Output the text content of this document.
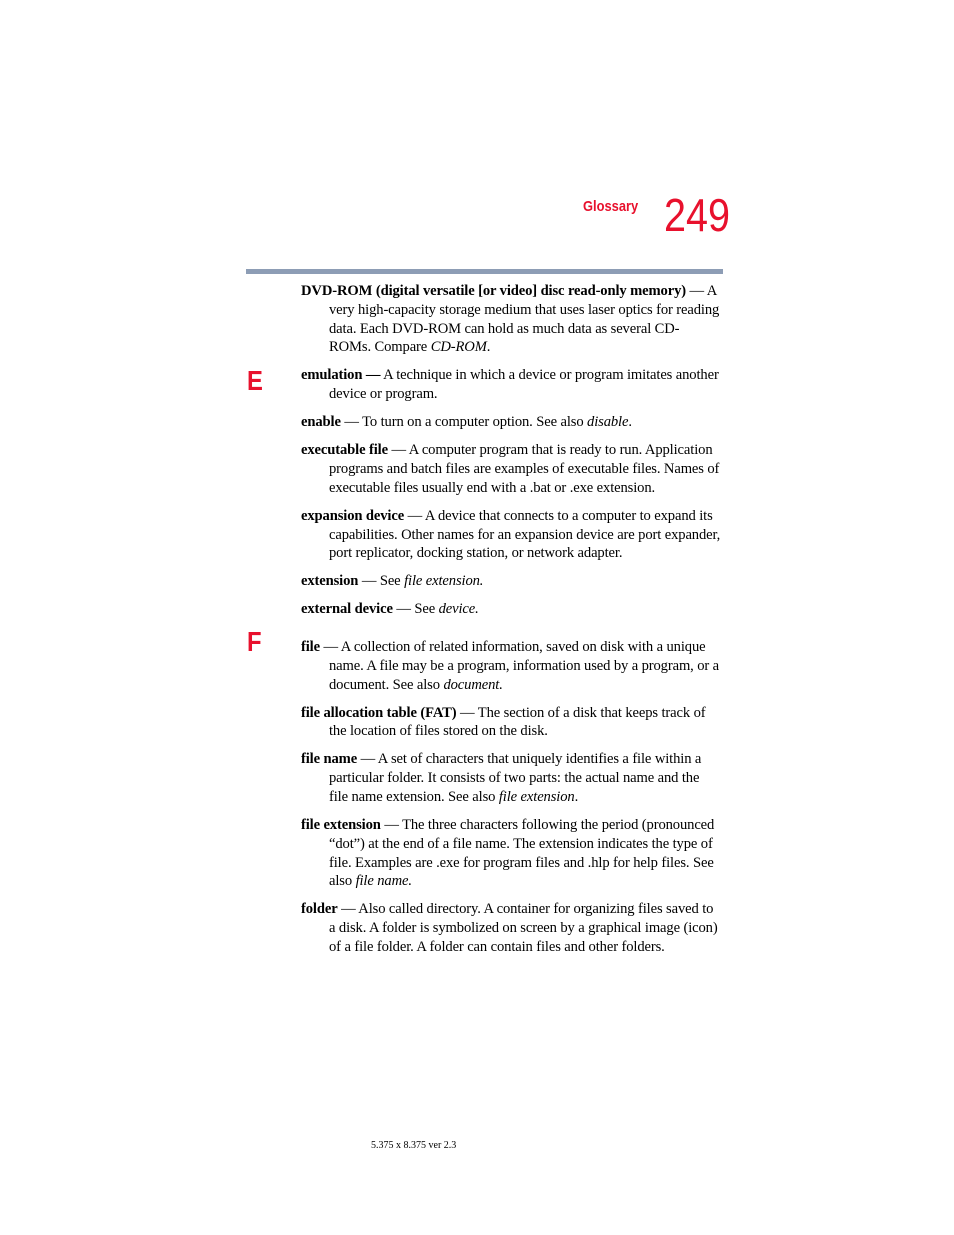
Glossary 249
E
F

DVD-ROM (digital versatile [or video] disc read-only memory) — A very high-capacity storage medium that uses laser optics for reading data. Each DVD-ROM can hold as much data as several CD-ROMs. Compare CD-ROM.

emulation — A technique in which a device or program imitates another device or program.

enable — To turn on a computer option. See also disable.

executable file — A computer program that is ready to run. Application programs and batch files are examples of executable files. Names of executable files usually end with a .bat or .exe extension.

expansion device — A device that connects to a computer to expand its capabilities. Other names for an expansion device are port expander, port replicator, docking station, or network adapter.

extension — See file extension.

external device — See device.

file — A collection of related information, saved on disk with a unique name. A file may be a program, information used by a program, or a document. See also document.

file allocation table (FAT) — The section of a disk that keeps track of the location of files stored on the disk.

file name — A set of characters that uniquely identifies a file within a particular folder. It consists of two parts: the actual name and the file name extension. See also file extension.

file extension — The three characters following the period (pronounced “dot”) at the end of a file name. The extension indicates the type of file. Examples are .exe for program files and .hlp for help files. See also file name.

folder — Also called directory. A container for organizing files saved to a disk. A folder is symbolized on screen by a graphical image (icon) of a file folder. A folder can contain files and other folders.

5.375 x 8.375 ver 2.3
